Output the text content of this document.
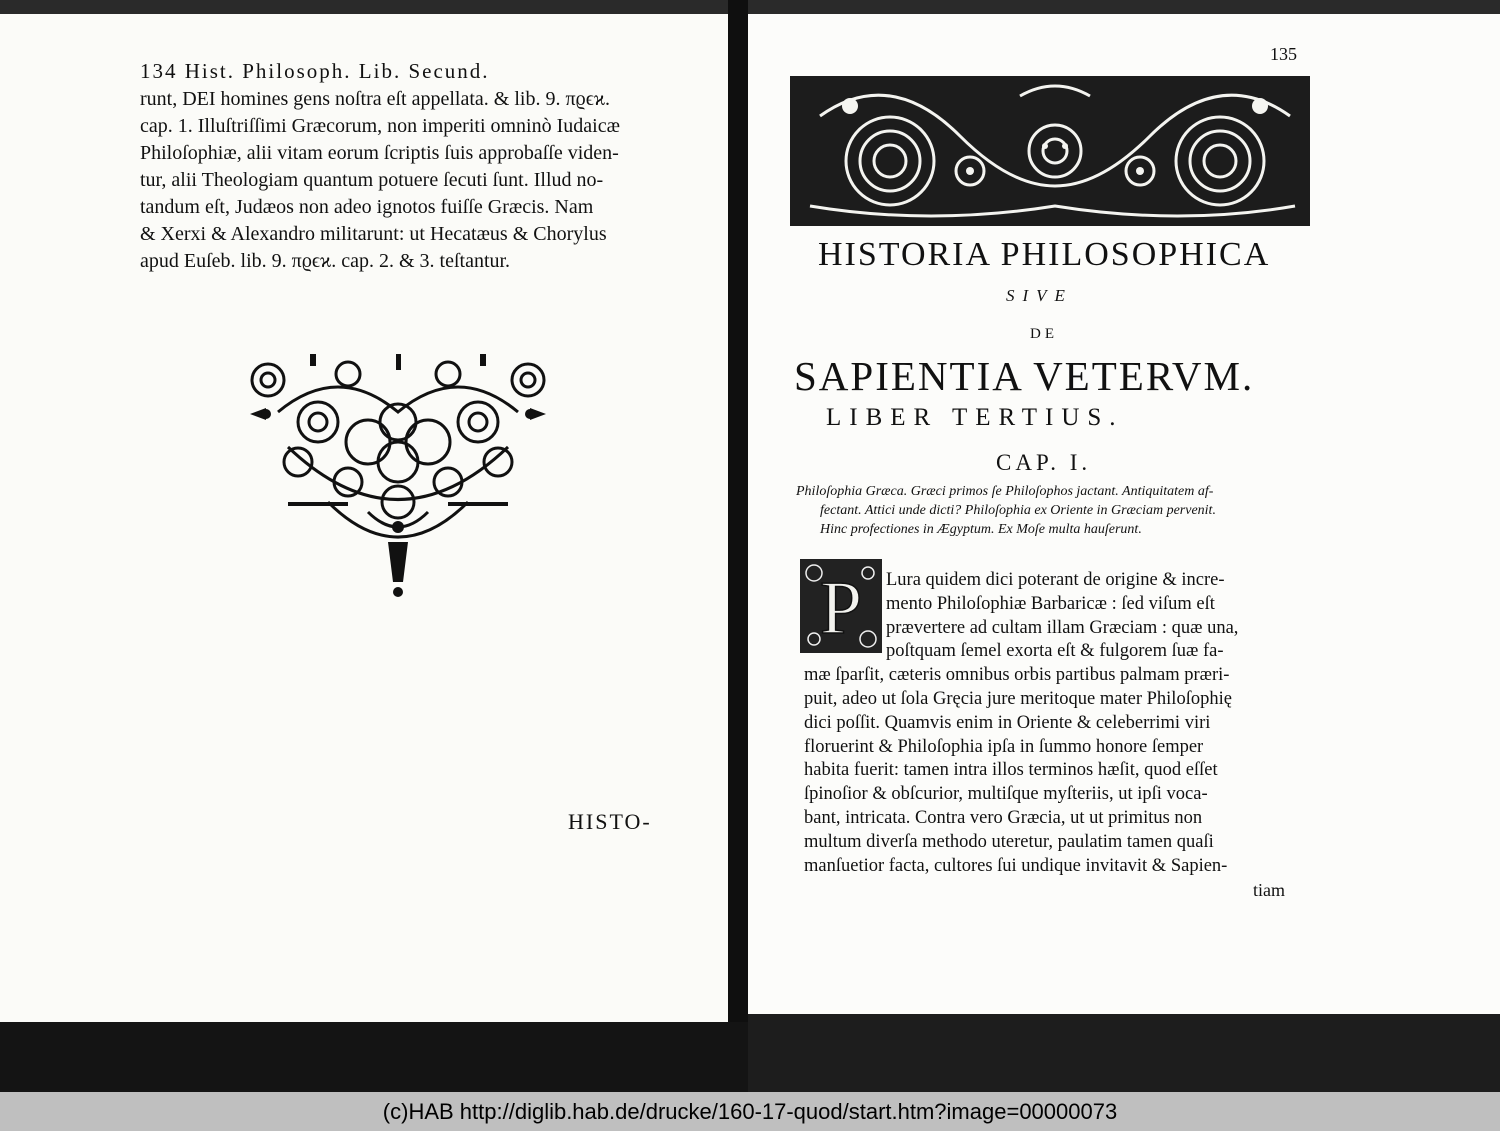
134 Hist. Philosoph. Lib. Secund.
runt, DEI homines gens noſtra eſt appellata. & lib. 9. πϱϵϰ.
cap. 1. Illuſtriſſimi Græcorum, non imperiti omninò Iudaicæ
Philoſophiæ, alii vitam eorum ſcriptis ſuis approbaſſe viden-
tur, alii Theologiam quantum potuere ſecuti ſunt. Illud no-
tandum eſt, Judæos non adeo ignotos fuiſſe Græcis. Nam
& Xerxi & Alexandro militarunt: ut Hecatæus & Chorylus
apud Euſeb. lib. 9. πϱϵϰ. cap. 2. & 3. teſtantur.
HISTO-
135
HISTORIA PHILOSOPHICA
SIVE
DE
SAPIENTIA VETERVM.
LIBER TERTIUS.
CAP. I.
Philoſophia Græca. Græci primos ſe Philoſophos jactant. Antiquitatem af-
fectant. Attici unde dicti? Philoſophia ex Oriente in Græciam pervenit.
Hinc profectiones in Ægyptum. Ex Moſe multa hauſerunt.
P	Lura quidem dici poterant de origine & incre-
mento Philoſophiæ Barbaricæ : ſed viſum eſt
prævertere ad cultam illam Græciam : quæ una,
poſtquam ſemel exorta eſt & fulgorem ſuæ fa-
mæ ſparſit, cæteris omnibus orbis partibus palmam præri-
puit, adeo ut ſola Gręcia jure meritoque mater Philoſophię
dici poſſit. Quamvis enim in Oriente & celeberrimi viri
floruerint & Philoſophia ipſa in ſummo honore ſemper
habita fuerit: tamen intra illos terminos hæſit, quod eſſet
ſpinoſior & obſcurior, multiſque myſteriis, ut ipſi voca-
bant, intricata. Contra vero Græcia, ut ut primitus non
multum diverſa methodo uteretur, paulatim tamen quaſi
manſuetior facta, cultores ſui undique invitavit & Sapien-
tiam
(c)HAB http://diglib.hab.de/drucke/160-17-quod/start.htm?image=00000073
